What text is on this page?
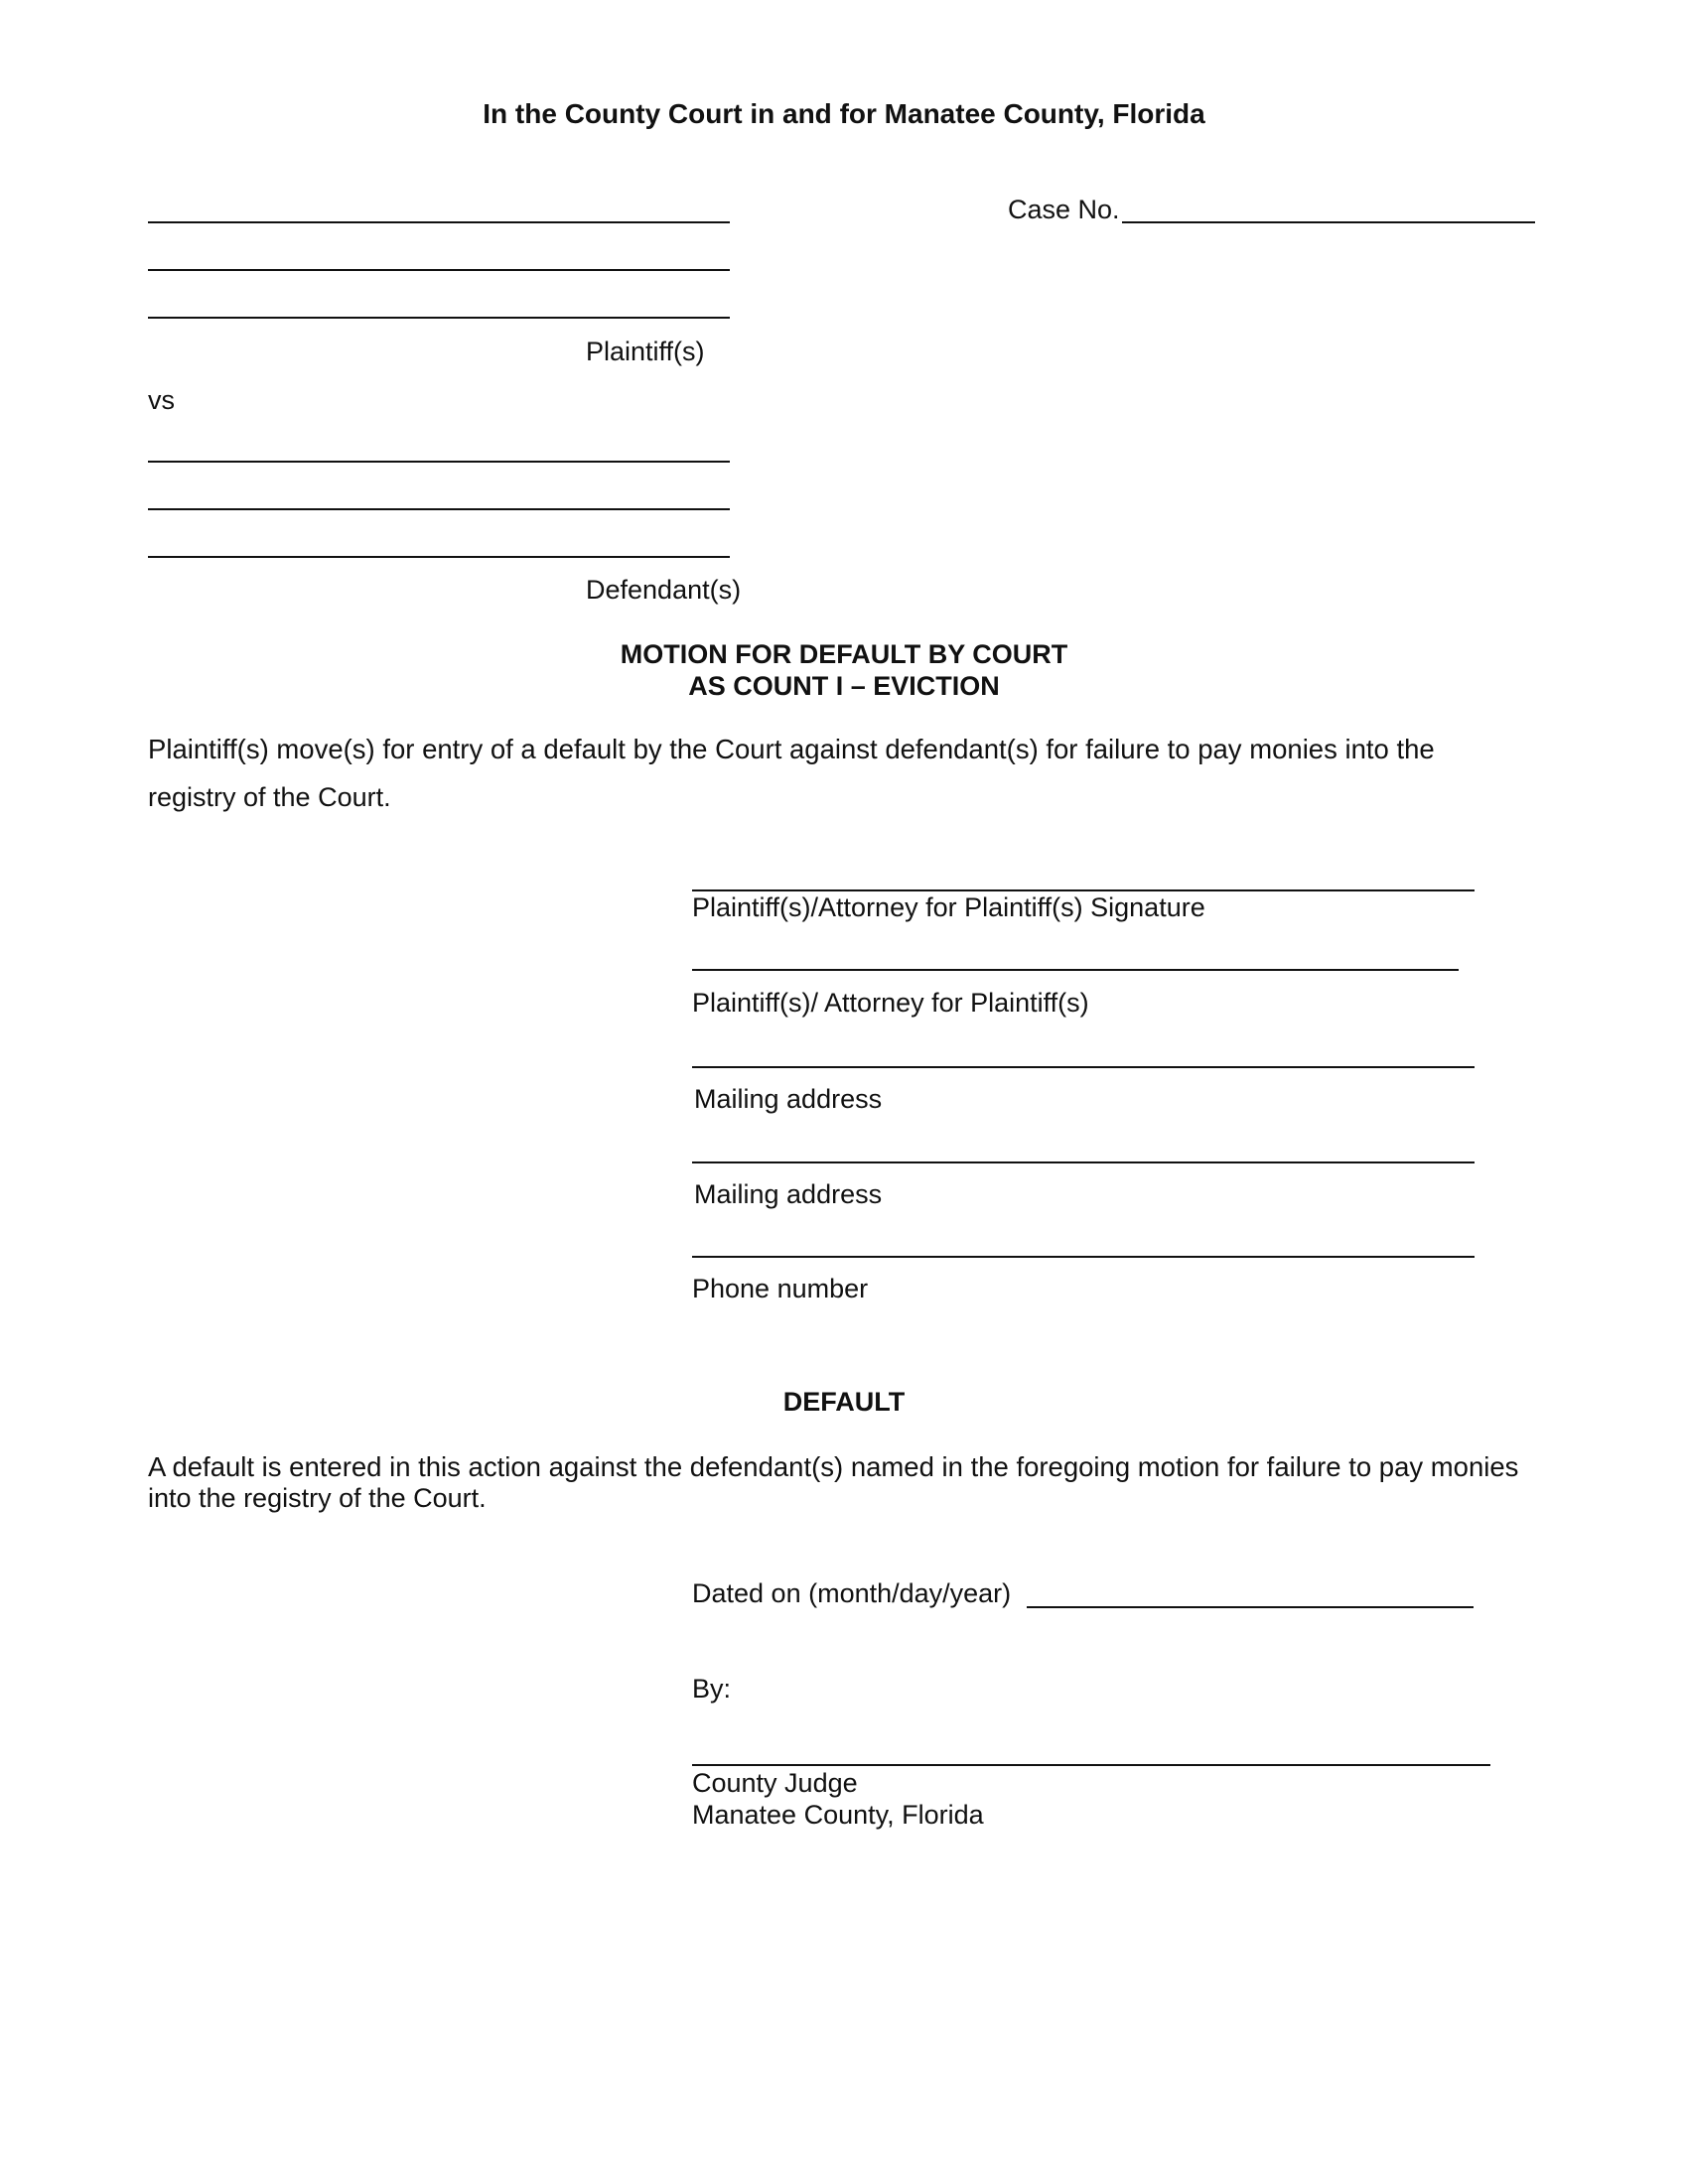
In the County Court in and for Manatee County, Florida
Plaintiff(s)
Case No.
vs
Defendant(s)
MOTION FOR DEFAULT BY COURT
AS COUNT I – EVICTION
Plaintiff(s) move(s) for entry of a default by the Court against defendant(s) for failure to pay monies into the
registry of the Court.
Plaintiff(s)/Attorney for Plaintiff(s) Signature
Plaintiff(s)/ Attorney for Plaintiff(s)
Mailing address
Mailing address
Phone number
DEFAULT
A default is entered in this action against the defendant(s) named in the foregoing motion for failure to pay monies
into the registry of the Court.
Dated on (month/day/year)
By:
County Judge
Manatee County, Florida
